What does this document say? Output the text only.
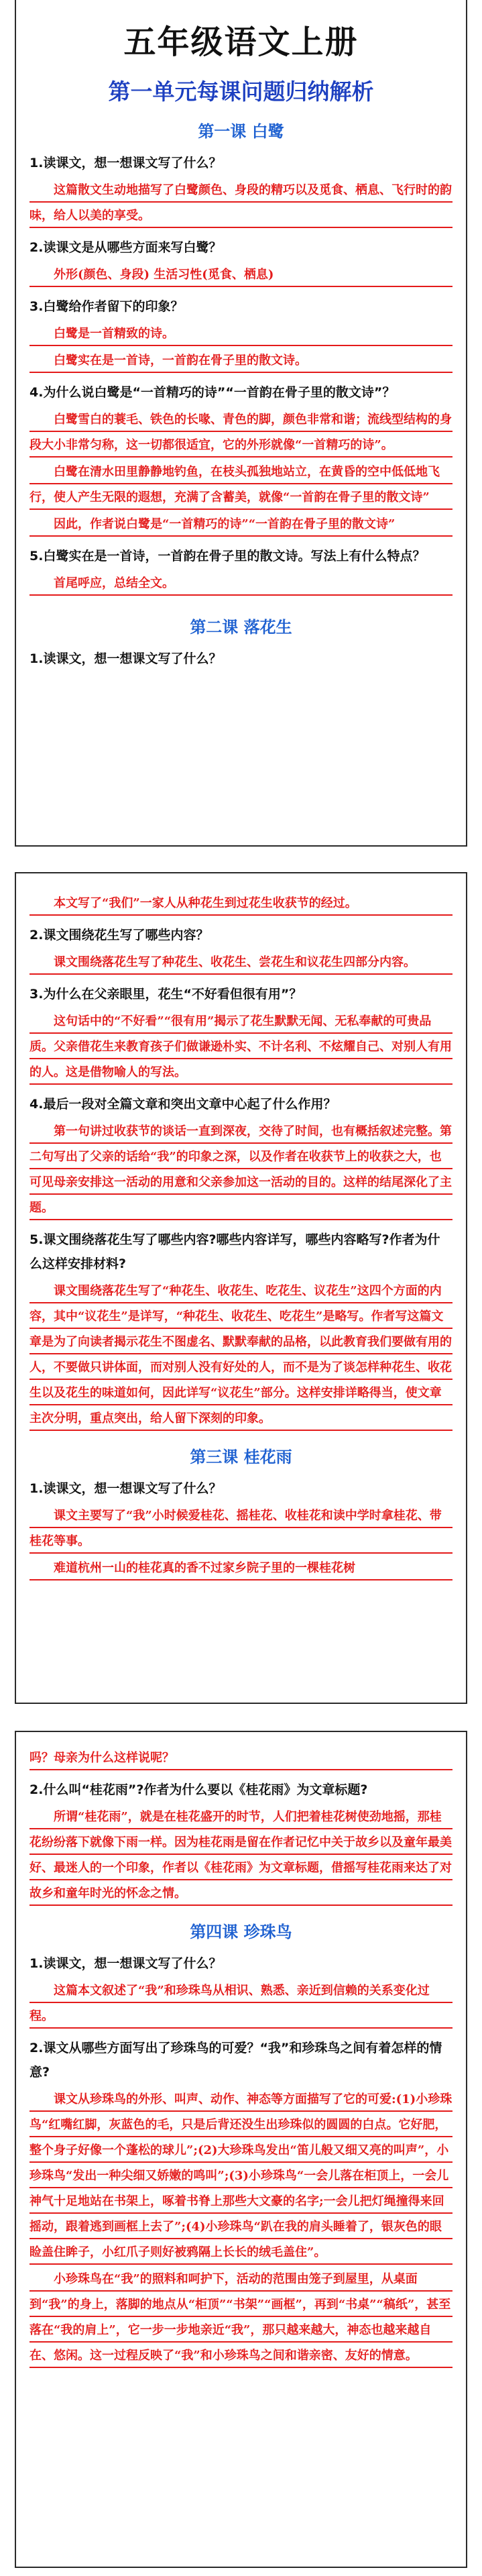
五年级语文上册
第一单元每课问题归纳解析
第一课 白鹭
1.读课文，想一想课文写了什么？
这篇散文生动地描写了白鹭颜色、身段的精巧以及觅食、栖息、飞行时的韵味，给人以美的享受。
2.读课文是从哪些方面来写白鹭？
外形(颜色、身段) 生活习性(觅食、栖息)
3.白鹭给作者留下的印象？
白鹭是一首精致的诗。
白鹭实在是一首诗，一首韵在骨子里的散文诗。
4.为什么说白鹭是“一首精巧的诗”“一首韵在骨子里的散文诗”？
白鹭雪白的蓑毛、铁色的长喙、青色的脚，颜色非常和谐；流线型结构的身段大小非常匀称，这一切都很适宜，它的外形就像“一首精巧的诗”。
白鹭在清水田里静静地钓鱼，在枝头孤独地站立，在黄昏的空中低低地飞行，使人产生无限的遐想，充满了含蓄美，就像“一首韵在骨子里的散文诗”
因此，作者说白鹭是“一首精巧的诗”“一首韵在骨子里的散文诗”
5.白鹭实在是一首诗，一首韵在骨子里的散文诗。写法上有什么特点？
首尾呼应，总结全文。
第二课 落花生
1.读课文，想一想课文写了什么？
本文写了“我们”一家人从种花生到过花生收获节的经过。
2.课文围绕花生写了哪些内容？
课文围绕落花生写了种花生、收花生、尝花生和议花生四部分内容。
3.为什么在父亲眼里，花生“不好看但很有用”？
这句话中的“不好看”“很有用”揭示了花生默默无闻、无私奉献的可贵品质。父亲借花生来教育孩子们做谦逊朴实、不计名利、不炫耀自己、对别人有用的人。这是借物喻人的写法。
4.最后一段对全篇文章和突出文章中心起了什么作用？
第一句讲过收获节的谈话一直到深夜，交待了时间，也有概括叙述完整。第二句写出了父亲的话给“我”的印象之深，以及作者在收获节上的收获之大，也可见母亲安排这一活动的用意和父亲参加这一活动的目的。这样的结尾深化了主题。
5.课文围绕落花生写了哪些内容?哪些内容详写，哪些内容略写?作者为什么这样安排材料?
课文围绕落花生写了“种花生、收花生、吃花生、议花生”这四个方面的内容，其中“议花生”是详写，“种花生、收花生、吃花生”是略写。作者写这篇文章是为了向读者揭示花生不图虚名、默默奉献的品格，以此教育我们要做有用的人，不要做只讲体面，而对别人没有好处的人，而不是为了谈怎样种花生、收花生以及花生的味道如何，因此详写“议花生”部分。这样安排详略得当，使文章主次分明，重点突出，给人留下深刻的印象。
第三课 桂花雨
1.读课文，想一想课文写了什么？
课文主要写了“我”小时候爱桂花、摇桂花、收桂花和读中学时拿桂花、带桂花等事。
难道杭州一山的桂花真的香不过家乡院子里的一棵桂花树
吗？母亲为什么这样说呢？
2.什么叫“桂花雨”?作者为什么要以《桂花雨》为文章标题?
所谓“桂花雨”，就是在桂花盛开的时节，人们把着桂花树使劲地摇，那桂花纷纷落下就像下雨一样。因为桂花雨是留在作者记忆中关于故乡以及童年最美好、最迷人的一个印象，作者以《桂花雨》为文章标题，借摇写桂花雨来达了对故乡和童年时光的怀念之情。
第四课 珍珠鸟
1.读课文，想一想课文写了什么？
这篇本文叙述了“我”和珍珠鸟从相识、熟悉、亲近到信赖的关系变化过程。
2.课文从哪些方面写出了珍珠鸟的可爱？“我”和珍珠鸟之间有着怎样的情意?
课文从珍珠鸟的外形、叫声、动作、神态等方面描写了它的可爱:(1)小珍珠鸟“红嘴红脚，灰蓝色的毛，只是后背还没生出珍珠似的圆圆的白点。它好肥，整个身子好像一个蓬松的球儿”;(2)大珍珠鸟发出“笛儿般又细又亮的叫声”，小珍珠鸟“发出一种尖细又娇嫩的鸣叫”;(3)小珍珠鸟“一会儿落在柜顶上，一会儿神气十足地站在书架上，啄着书脊上那些大文豪的名字;一会儿把灯绳撞得来回摇动，跟着逃到画框上去了”;(4)小珍珠鸟“趴在我的肩头睡着了，银灰色的眼睑盖住眸子，小红爪子则好被鸦隔上长长的绒毛盖住”。
小珍珠鸟在“我”的照料和呵护下，活动的范围由笼子到屋里，从桌面到“我”的身上，落脚的地点从“柜顶”“书架”“画框”，再到“书桌”“稿纸”，甚至落在“我的肩上”，它一步一步地亲近“我”，那只越来越大，神态也越来越自在、悠闲。这一过程反映了“我”和小珍珠鸟之间和谐亲密、友好的情意。
